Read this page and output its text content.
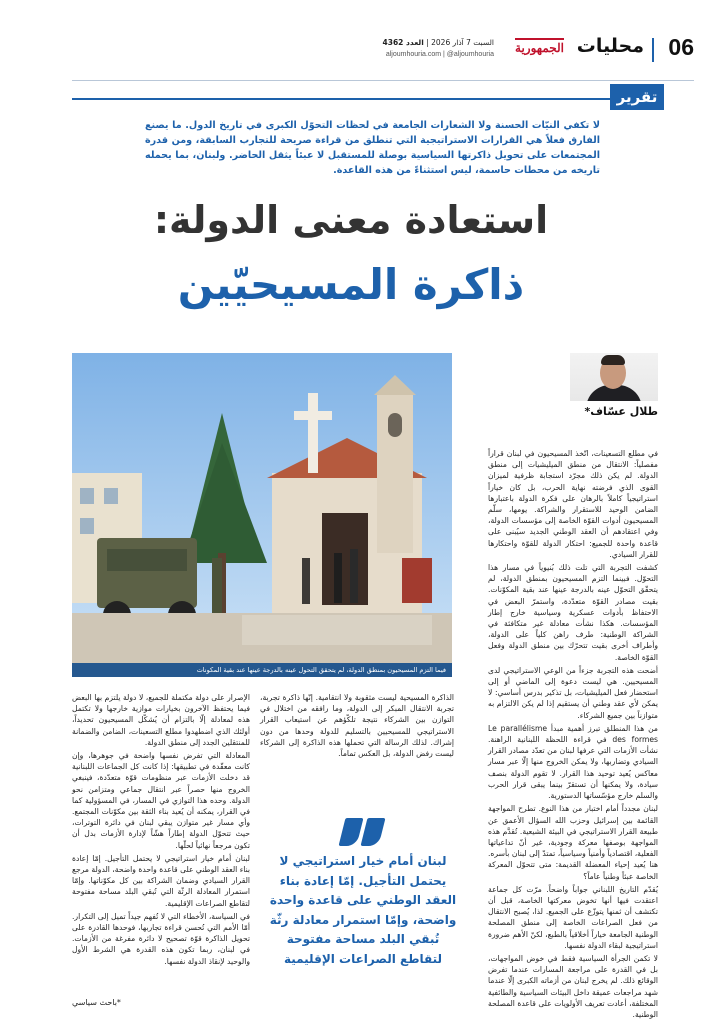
06
محليات
الجمهورية
السبت 7 آذار 2026 | العدد 4362
aljoumhouria.com | @aljoumhouria
تقرير
لا تكفي النيّات الحسنة ولا الشعارات الجامعة في لحظات التحوّل الكبرى في تاريخ الدول. ما يصنع الفارق فعلاً هي القرارات الاستراتيجية التي تنطلق من قراءة صريحة للتجارب السابقة، ومن قدرة المجتمعات على تحويل ذاكرتها السياسية بوصلة للمستقبل لا عبئاً يثقل الحاضر. ولبنان، بما يحمله تاريخه من محطات حاسمة، ليس استثناءً من هذه القاعدة.
استعادة معنى الدولة:
ذاكرة المسيحيّين
طلال عسّاف*
فيما التزم المسيحيون بمنطق الدولة، لم يتحقق التحول عينه بالدرجة عينها عند بقية المكونات

في مطلع التسعينات، اتّخذ المسيحيون في لبنان قراراً مفصلياً: الانتقال من منطق الميليشيات إلى منطق الدولة. لم يكن ذلك مجرّد استجابة ظرفية لميزان القوى الذي فرضته نهاية الحرب، بل كان خياراً استراتيجياً كاملاً بالرهان على فكرة الدولة باعتبارها الضامن الوحيد للاستقرار والشراكة. يومها، سلّم المسيحيون أدوات القوّة الخاصة إلى مؤسسات الدولة، وفي اعتقادهم أن العقد الوطني الجديد سيُبنى على قاعدة واحدة للجميع: احتكار الدولة للقوّة واحتكارها للقرار السيادي.

كشفت التجربة التي تلت ذلك بُنيوياً في مسار هذا التحوّل. فبينما التزم المسيحيون بمنطق الدولة، لم يتحقّق التحوّل عينه بالدرجة عينها عند بقية المكوّنات. بقيت مصادر القوّة متعدّدة، واستمرّ البعض في الاحتفاظ بأدوات عسكرية وسياسية خارج إطار المؤسسات. هكذا نشأت معادلة غير متكافئة في الشراكة الوطنية: طرف راهن كلياً على الدولة، وأطراف أخرى بقيت تتحرّك بين منطق الدولة وفعل القوّة الخاصة.

أضحت هذه التجربة جزءاً من الوعي الاستراتيجي لدى المسيحيين. هي ليست دعوة إلى الماضي أو إلى استحضار فعل الميليشيات، بل تذكير بدرس أساسي: لا يمكن لأي عقد وطني أن يستقيم إذا لم يكن الالتزام به متوازناً بين جميع الشركاء.

من هذا المنطلق تبرز أهمية مبدأ Le parallélisme des formes في قراءة اللحظة اللبنانية الراهنة. نشأت الأزمات التي عرفها لبنان من تعدّد مصادر القرار السيادي وتضاربها، ولا يمكن الخروج منها إلّا عبر مسار معاكس يُعيد توحيد هذا القرار. لا تقوم الدولة بنصف سيادة، ولا يمكنها أن تستقرّ بينما يبقى قرار الحرب والسلم خارج مؤسّساتها الدستورية.

لبنان مجدداً أمام اختبار من هذا النوع. تطرح المواجهة القائمة بين إسرائيل وحزب الله السؤال الأعمق عن طبيعة القرار الاستراتيجي في البيئة الشيعية. تُقدَّم هذه المواجهة بوصفها معركة وجودية، غير أنّ تداعياتها الفعلية، اقتصادياً وأمنياً وسياسياً، تمتدّ إلى لبنان بأسره. هنا يُعيد إحياء المعضلة القديمة: متى تتحوّل المعركة الخاصة عبئاً وطنياً عاماً؟

يُقدّم التاريخ اللبناني جواباً واضحاً. مرّت كل جماعة اعتقدت فيها أنها تخوض معركتها الخاصة، قبل أن تكتشف أن ثمنها يتوزّع على الجميع. لذا، يُصبح الانتقال من فعل الصراعات الخاصة إلى منطق المصلحة الوطنية الجامعة خياراً أخلاقياً بالطبع، لكنّ الأهم ضرورة استراتيجية لبقاء الدولة نفسها.

لا تكمن الجرأة السياسية فقط في خوض المواجهات، بل في القدرة على مراجعة المسارات عندما تفرض الوقائع ذلك. لم يخرج لبنان من أزماته الكبرى إلّا عندما شهد مراجعات عميقة داخل البيئات السياسية والطائفية المختلفة، أعادت تعريف الأولويات على قاعدة المصلحة الوطنية.

الذاكرة المسيحية ليست مثقوبة ولا انتقامية. إنّها ذاكرة تجربة، تجربة الانتقال المبكر إلى الدولة، وما رافقه من اختلال في التوازن بين الشركاء نتيجة تلكّؤهم عن استيعاب القرار الاستراتيجي للمسيحيين بالتسليم للدولة وحدها من دون إشراك. لذلك الرسالة التي تحملها هذه الذاكرة إلى الشركاء ليست رفض الدولة، بل العكس تماماً.

لبنان أمام خيار استراتيجي لا يحتمل التأجيل. إمّا إعادة بناء العقد الوطني على قاعدة واحدة واضحة، وإمّا استمرار معادلة رثّة تُبقي البلد مساحة مفتوحة لتقاطع الصراعات الإقليمية

الإصرار على دولة مكتملة للجميع، لا دولة يلتزم بها البعض فيما يحتفظ الآخرون بخيارات موازية خارجها ولا تكتمل هذه لمعادلة إلّا بالتزام أن يُشكّل المسيحيون تحديداً، أولئك الذي اضطهدوا مطلع التسعينات، الضامن والضمانة للمنتقلين الجدد إلى منطق الدولة.

المعادلة التي تفرض نفسها واضحة في جوهرها، وإن كانت معقّدة في تطبيقها: إذا كانت كل الجماعات اللبنانية قد دخلت الأزمات عبر منظومات قوّة متعدّدة، فينبغي الخروج منها حصراً عبر انتقال جماعي ومتزامن نحو الدولة. وحده هذا التوازي في المسار، في المسؤولية كما في القرار، يمكنه أن يُعيد بناء الثقة بين مكوّنات المجتمع. وأي مسار غير متوازن يبقي لبنان في دائرة التوترات، حيث تتحوّل الدولة إطاراً هشّاً لإدارة الأزمات بدل أن تكون مرجعاً نهائياً لحلّها.

لبنان أمام خيار استراتيجي لا يحتمل التأجيل. إمّا إعادة بناء العقد الوطني على قاعدة واحدة واضحة، الدولة مرجع القرار السيادي وضمان الشراكة بين كل مكوّناتها. وإمّا استمرار المعادلة الرثّة التي تُبقي البلد مساحة مفتوحة لتقاطع الصراعات الإقليمية.

في السياسة، الأخطاء التي لا تُفهم جيداً تميل إلى التكرار. أمّا الأمم التي تُحسن قراءة تجاربها، فوحدها القادرة على تحويل الذاكرة قوّة تصحيح لا دائرة مفرغة من الأزمات. في لبنان، ربما تكون هذه القدرة هي الشرط الأول والوحيد لإنقاذ الدولة نفسها.

*باحث سياسي
